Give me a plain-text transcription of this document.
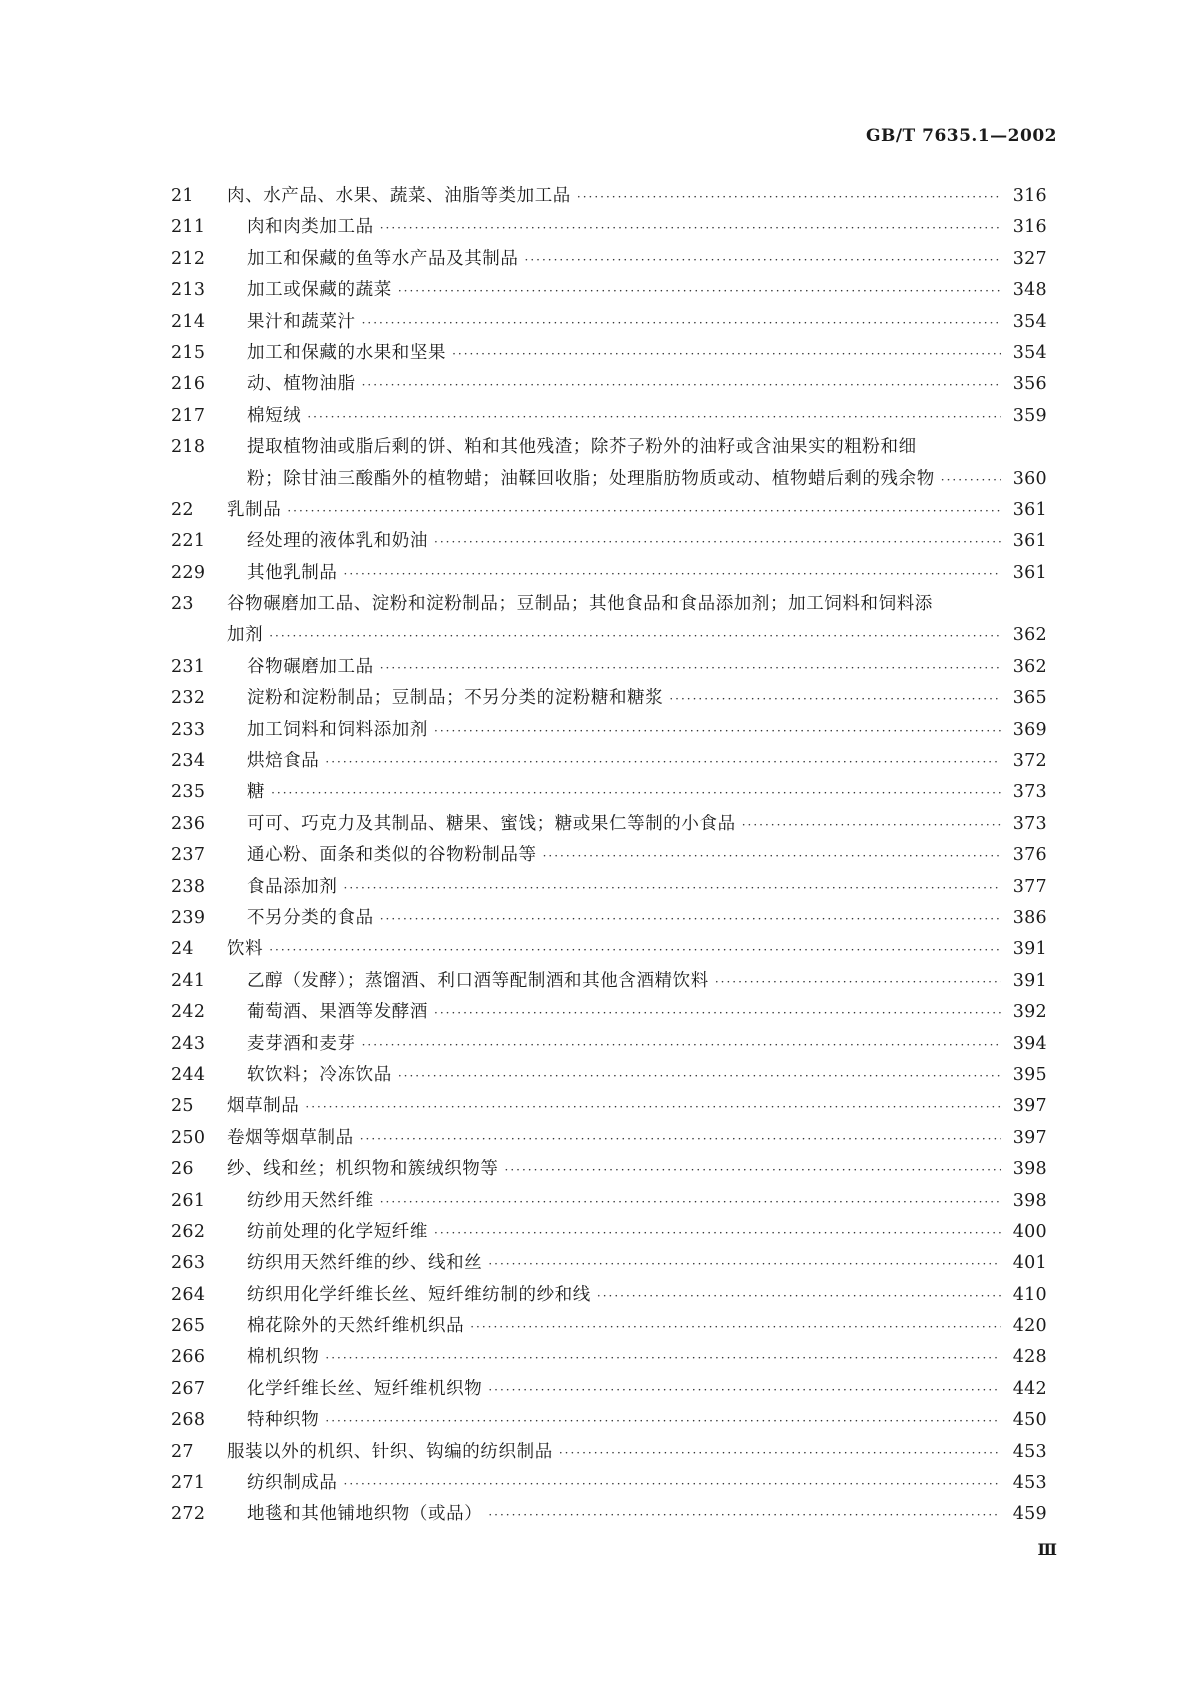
GB/T 7635.1—2002
21 肉、水产品、水果、蔬菜、油脂等类加工品 ·····	316
211 肉和肉类加工品 ·····	316
212 加工和保藏的鱼等水产品及其制品 ·····	327
213 加工或保藏的蔬菜 ·····	348
214 果汁和蔬菜汁 ·····	354
215 加工和保藏的水果和坚果 ·····	354
216 动、植物油脂 ·····	356
217 棉短绒 ·····	359
218 提取植物油或脂后剩的饼、粕和其他残渣；除芥子粉外的油籽或含油果实的粗粉和细
粉；除甘油三酸酯外的植物蜡；油鞣回收脂；处理脂肪物质或动、植物蜡后剩的残余物 ·····	360
22 乳制品 ·····	361
221 经处理的液体乳和奶油 ·····	361
229 其他乳制品 ·····	361
23 谷物碾磨加工品、淀粉和淀粉制品；豆制品；其他食品和食品添加剂；加工饲料和饲料添
加剂 ·····	362
231 谷物碾磨加工品 ·····	362
232 淀粉和淀粉制品；豆制品；不另分类的淀粉糖和糖浆 ·····	365
233 加工饲料和饲料添加剂 ·····	369
234 烘焙食品 ·····	372
235 糖 ·····	373
236 可可、巧克力及其制品、糖果、蜜饯；糖或果仁等制的小食品 ·····	373
237 通心粉、面条和类似的谷物粉制品等 ·····	376
238 食品添加剂 ·····	377
239 不另分类的食品 ·····	386
24 饮料 ·····	391
241 乙醇（发酵）；蒸馏酒、利口酒等配制酒和其他含酒精饮料 ·····	391
242 葡萄酒、果酒等发酵酒 ·····	392
243 麦芽酒和麦芽 ·····	394
244 软饮料；冷冻饮品 ·····	395
25 烟草制品 ·····	397
250 卷烟等烟草制品 ·····	397
26 纱、线和丝；机织物和簇绒织物等 ·····	398
261 纺纱用天然纤维 ·····	398
262 纺前处理的化学短纤维 ·····	400
263 纺织用天然纤维的纱、线和丝 ·····	401
264 纺织用化学纤维长丝、短纤维纺制的纱和线 ·····	410
265 棉花除外的天然纤维机织品 ·····	420
266 棉机织物 ·····	428
267 化学纤维长丝、短纤维机织物 ·····	442
268 特种织物 ·····	450
27 服装以外的机织、针织、钩编的纺织制品 ·····	453
271 纺织制成品 ·····	453
272 地毯和其他铺地织物（或品） ·····	459
Ⅲ
